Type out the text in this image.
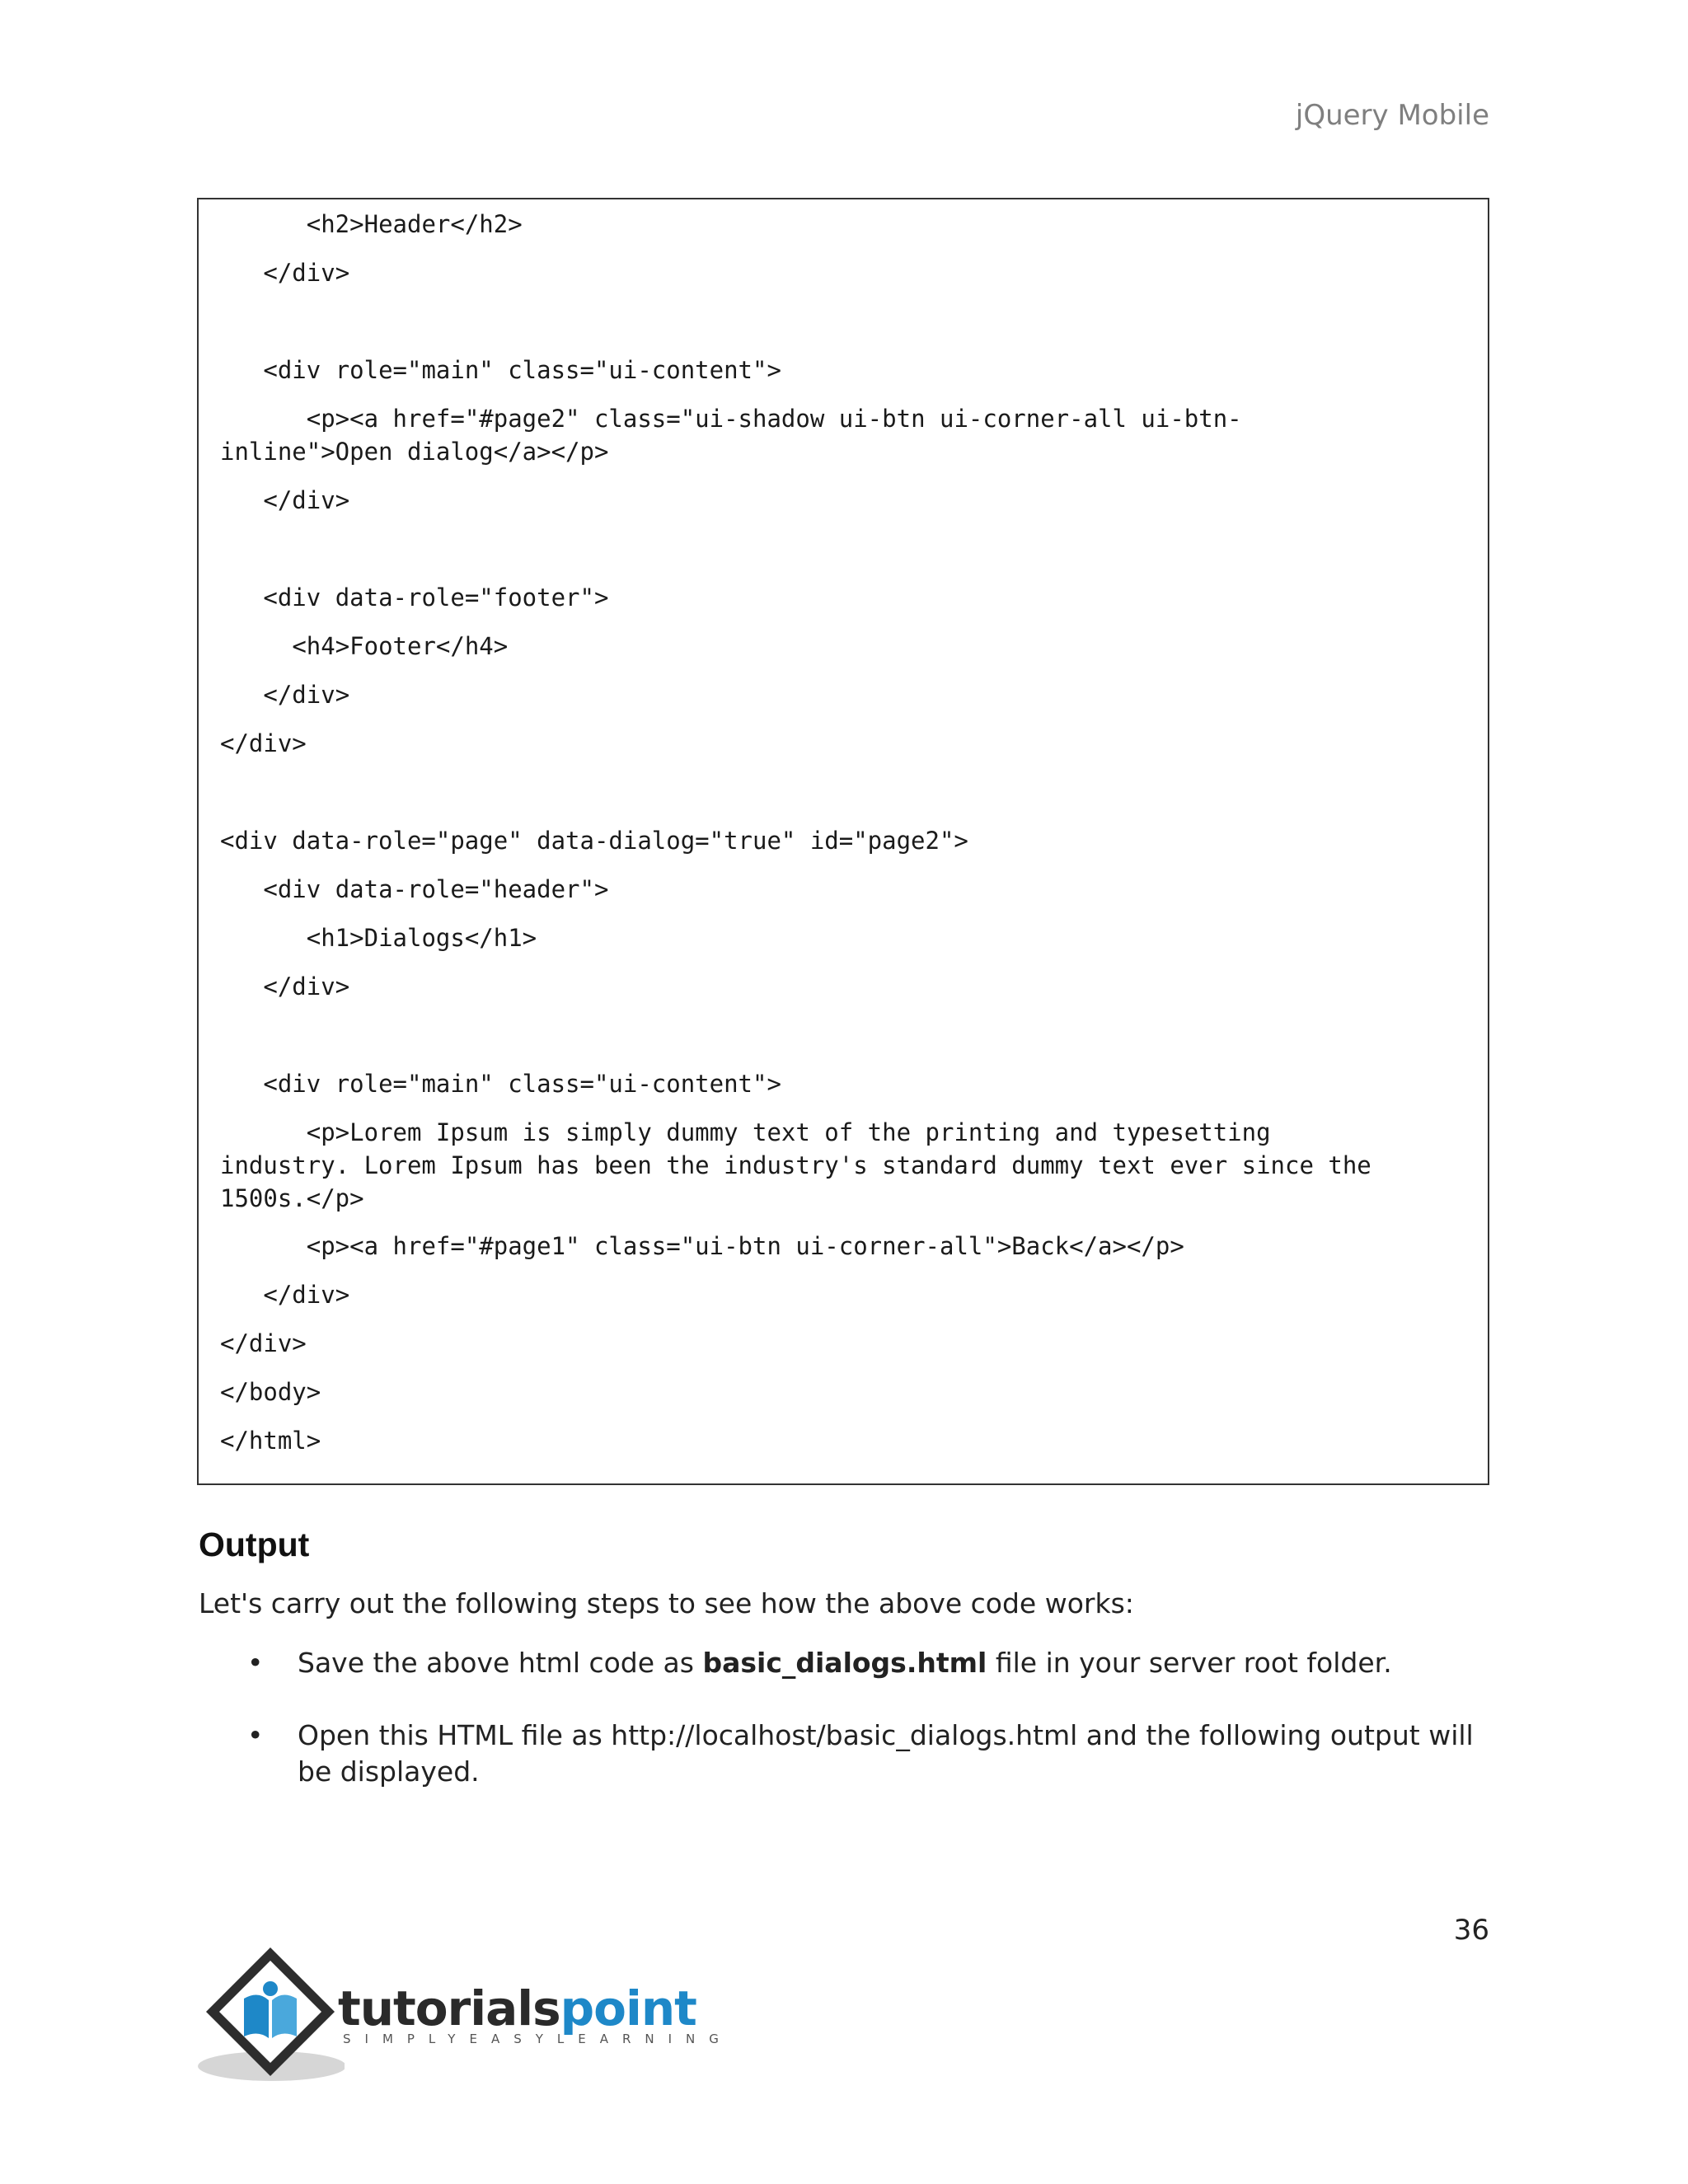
jQuery Mobile
<h2>Header</h2>
</div>
<div role="main" class="ui-content">
<p><a href="#page2" class="ui-shadow ui-btn ui-corner-all ui-btn-
inline">Open dialog</a></p>
</div>
<div data-role="footer">
<h4>Footer</h4>
</div>
</div>
<div data-role="page" data-dialog="true" id="page2">
<div data-role="header">
<h1>Dialogs</h1>
</div>
<div role="main" class="ui-content">
<p>Lorem Ipsum is simply dummy text of the printing and typesetting
industry. Lorem Ipsum has been the industry's standard dummy text ever since the
1500s.</p>
<p><a href="#page1" class="ui-btn ui-corner-all">Back</a></p>
</div>
</div>
</body>
</html>
Output

Let's carry out the following steps to see how the above code works:

•	Save the above html code as basic_dialogs.html file in your server root folder.
•	Open this HTML file as http://localhost/basic_dialogs.html and the following output will be displayed.
36
tutorialspoint
SIMPLYEASYLEARNING
